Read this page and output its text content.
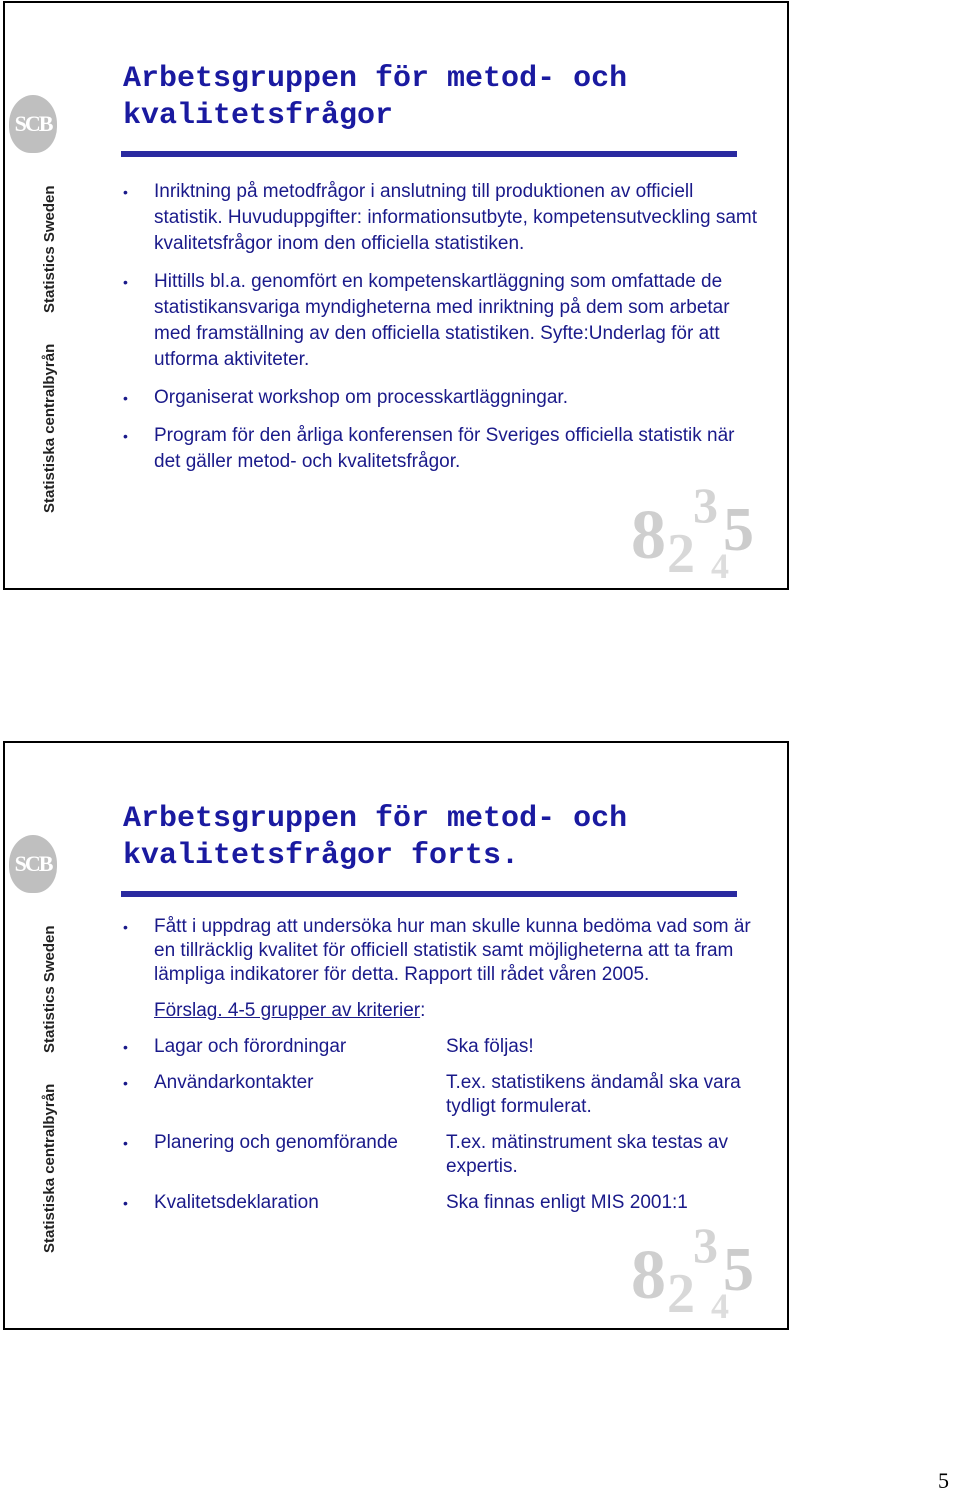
SCB
Statistiska centralbyrån
Statistics Sweden
Arbetsgruppen för metod- och kvalitetsfrågor
• Inriktning på metodfrågor i anslutning till produktionen av officiell statistik. Huvuduppgifter: informationsutbyte, kompetensutveckling samt kvalitetsfrågor inom den officiella statistiken.
• Hittills bl.a. genomfört en kompetenskartläggning som omfattade de statistikansvariga myndigheterna med inriktning på dem som arbetar med framställning av den officiella statistiken. Syfte:Underlag för att utforma aktiviteter.
• Organiserat workshop om processkartläggningar.
• Program för den årliga konferensen för Sveriges officiella statistik när det gäller metod- och kvalitetsfrågor.
8 2
3 5
4
SCB
Statistiska centralbyrån
Statistics Sweden
Arbetsgruppen för metod- och kvalitetsfrågor forts.
• Fått i uppdrag att undersöka hur man skulle kunna bedöma vad som är en tillräcklig kvalitet för officiell statistik samt möjligheterna att ta fram lämpliga indikatorer för detta. Rapport till rådet våren 2005.
Förslag. 4-5 grupper av kriterier:
• Lagar och förordningar	Ska följas!
• Användarkontakter	T.ex. statistikens ändamål ska vara tydligt formulerat.
• Planering och genomförande	T.ex. mätinstrument ska testas av expertis.
• Kvalitetsdeklaration	Ska finnas enligt MIS 2001:1
8 2
3 5
4
5
